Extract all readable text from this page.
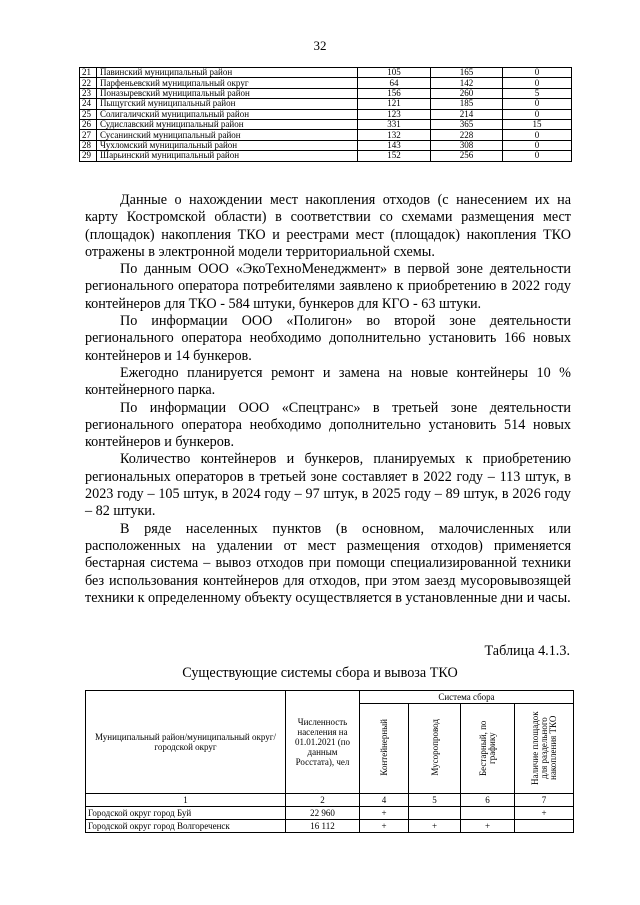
32
21	Павинский муниципальный район	105	165	0
22	Парфеньевский муниципальный округ	64	142	0
23	Поназыревский муниципальный район	156	260	5
24	Пыщугский муниципальный район	121	185	0
25	Солигаличский муниципальный район	123	214	0
26	Судиславский муниципальный район	331	365	15
27	Сусанинский муниципальный район	132	228	0
28	Чухломский муниципальный район	143	308	0
29	Шарьинский муниципальный район	152	256	0

Данные о нахождении мест накопления отходов (с нанесением их на карту Костромской области) в соответствии со схемами размещения мест (площадок) накопления ТКО и реестрами мест (площадок) накопления ТКО отражены в электронной модели территориальной схемы.

По данным ООО «ЭкоТехноМенеджмент» в первой зоне деятельности регионального оператора потребителями заявлено к приобретению в 2022 году контейнеров для ТКО - 584 штуки, бункеров для КГО - 63 штуки.

По информации ООО «Полигон» во второй зоне деятельности регионального оператора необходимо дополнительно установить 166 новых контейнеров и 14 бункеров.

Ежегодно планируется ремонт и замена на новые контейнеры 10 % контейнерного парка.

По информации ООО «Спецтранс» в третьей зоне деятельности регионального оператора необходимо дополнительно установить 514 новых контейнеров и бункеров.

Количество контейнеров и бункеров, планируемых к приобретению региональных операторов в третьей зоне составляет в 2022 году – 113 штук, в 2023 году – 105 штук, в 2024 году – 97 штук, в 2025 году – 89 штук, в 2026 году – 82 штуки.

В ряде населенных пунктов (в основном, малочисленных или расположенных на удалении от мест размещения отходов) применяется бестарная система – вывоз отходов при помощи специализированной техники без использования контейнеров для отходов, при этом заезд мусоровывозящей техники к определенному объекту осуществляется в установленные дни и часы.

Таблица 4.1.3.
Существующие системы сбора и вывоза ТКО
Муниципальный район/муниципальный округ/ городской округ	Численность населения на 01.01.2021 (по данным Росстата), чел	Система сбора			
		Контейнерный	Мусоропровод	Бестарный, по графику	Наличие площадок для раздельного накопления ТКО
1	2	4	5	6	7
Городской округ город Буй	22 960	+			+
Городской округ город Волгореченск	16 112	+	+	+	
